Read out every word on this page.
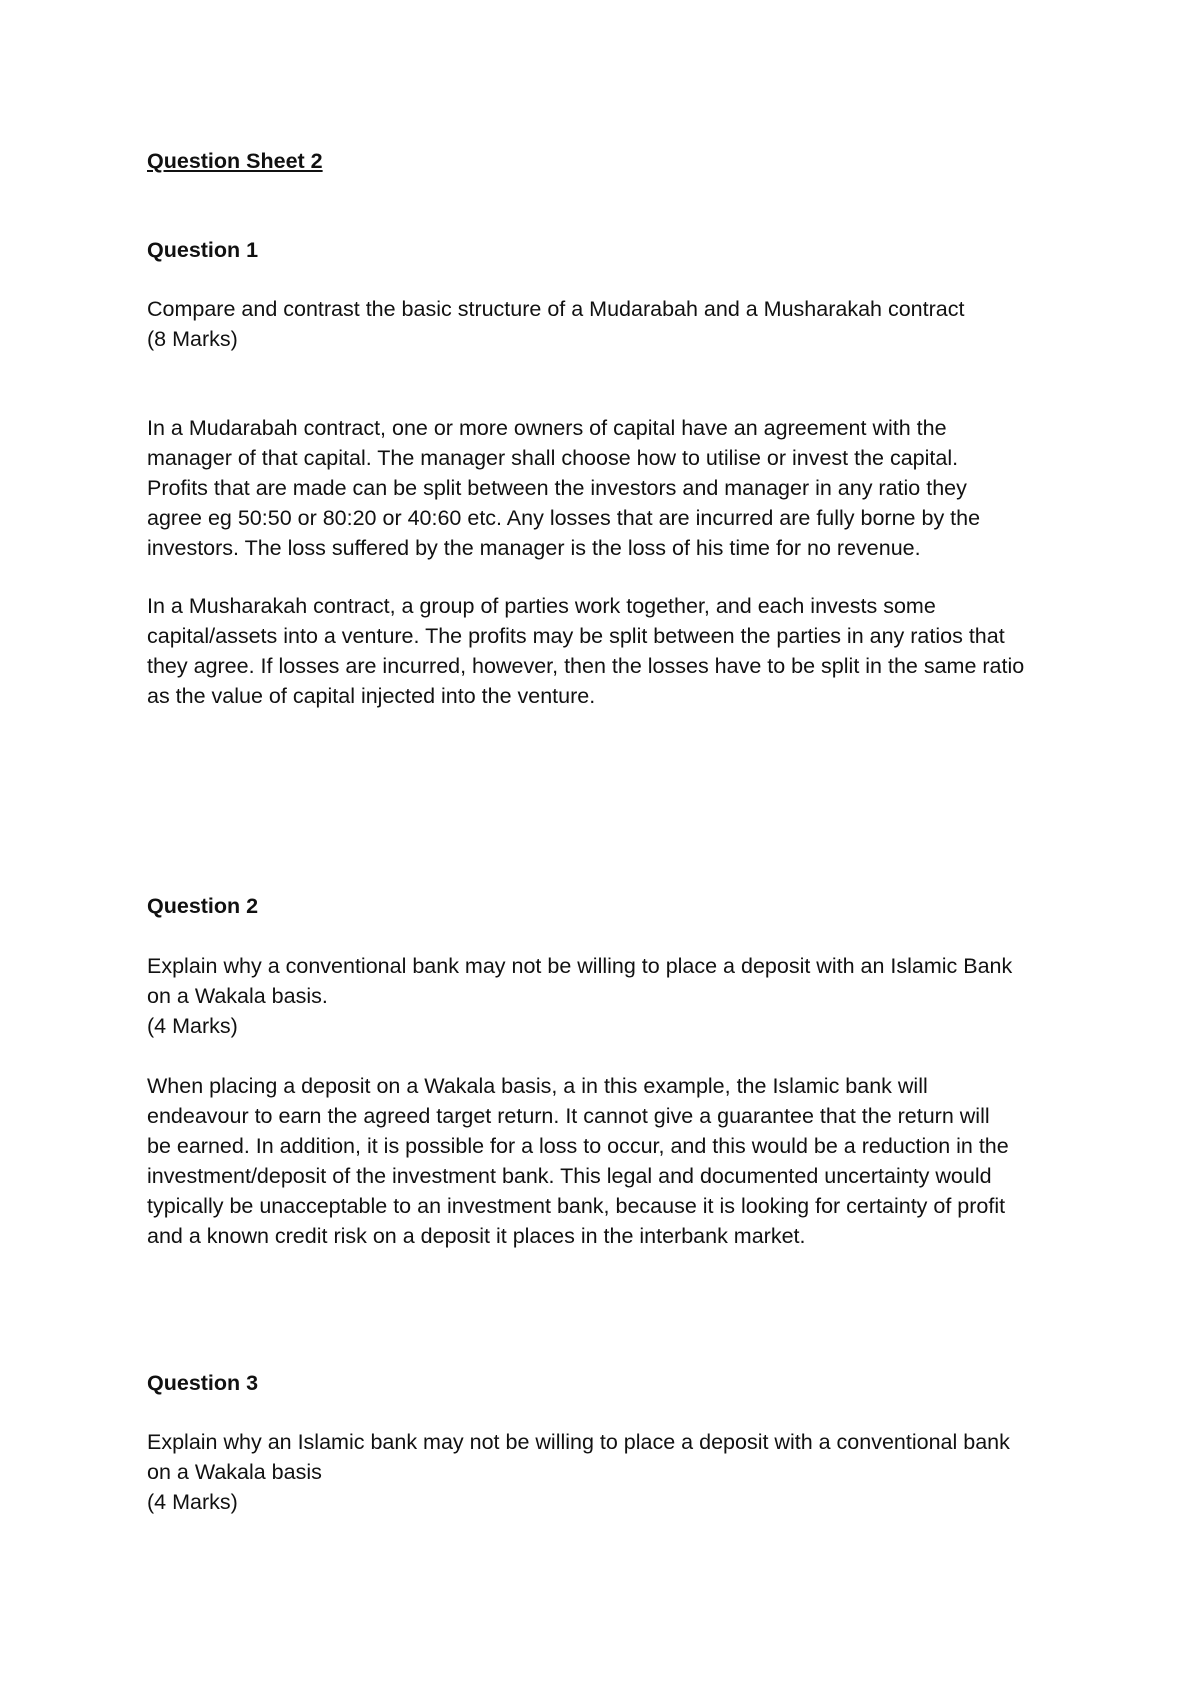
Question Sheet 2

Question 1

Compare and contrast the basic structure of a Mudarabah and a Musharakah contract
(8 Marks)

In a Mudarabah contract, one or more owners of capital have an agreement with the
manager of that capital. The manager shall choose how to utilise or invest the capital.
Profits that are made can be split between the investors and manager in any ratio they
agree eg 50:50 or 80:20 or 40:60 etc. Any losses that are incurred are fully borne by the
investors. The loss suffered by the manager is the loss of his time for no revenue.

In a Musharakah contract, a group of parties work together, and each invests some
capital/assets into a venture. The profits may be split between the parties in any ratios that
they agree. If losses are incurred, however, then the losses have to be split in the same ratio
as the value of capital injected into the venture.

Question 2

Explain why a conventional bank may not be willing to place a deposit with an Islamic Bank
on a Wakala basis.
(4 Marks)

When placing a deposit on a Wakala basis, a in this example, the Islamic bank will
endeavour to earn the agreed target return. It cannot give a guarantee that the return will
be earned. In addition, it is possible for a loss to occur, and this would be a reduction in the
investment/deposit of the investment bank. This legal and documented uncertainty would
typically be unacceptable to an investment bank, because it is looking for certainty of profit
and a known credit risk on a deposit it places in the interbank market.

Question 3

Explain why an Islamic bank may not be willing to place a deposit with a conventional bank
on a Wakala basis
(4 Marks)
